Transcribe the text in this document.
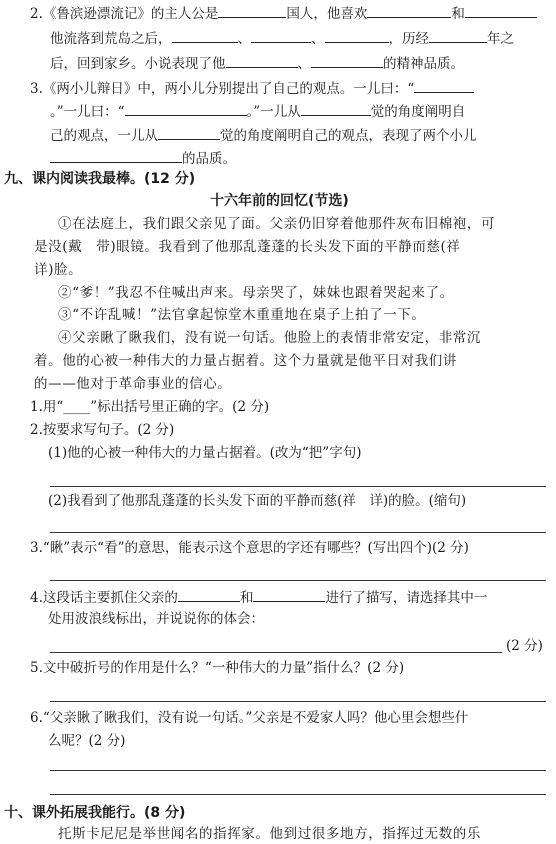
2.《鲁滨逊漂流记》的主人公是	国人，他喜欢	和
他流落到荒岛之后，	、	、	，历经	年之
后，回到家乡。小说表现了他	、	的精神品质。
3.《两小儿辩日》中，两小儿分别提出了自己的观点。一儿曰：“
。”一儿曰：“	。”一儿从	觉的角度阐明自
己的观点，一儿从	觉的角度阐明自己的观点，表现了两个小儿
的品质。
九、课内阅读我最棒。(12 分)
十六年前的回忆(节选)
①在法庭上，我们跟父亲见了面。父亲仍旧穿着他那件灰布旧棉袍，可
是没(戴　带)眼镜。我看到了他那乱蓬蓬的长头发下面的平静而慈(祥
详)脸。
②“爹！”我忍不住喊出声来。母亲哭了，妹妹也跟着哭起来了。
③“不许乱喊！”法官拿起惊堂木重重地在桌子上拍了一下。
④父亲瞅了瞅我们，没有说一句话。他脸上的表情非常安定，非常沉
着。他的心被一种伟大的力量占据着。这个力量就是他平日对我们讲
的——他对于革命事业的信心。
1.用“____”标出括号里正确的字。(2 分)
2.按要求写句子。(2 分)
(1)他的心被一种伟大的力量占据着。(改为“把”字句)
(2)我看到了他那乱蓬蓬的长头发下面的平静而慈(祥　详)的脸。(缩句)
3.“瞅”表示“看”的意思，能表示这个意思的字还有哪些？(写出四个)(2 分)
4.这段话主要抓住父亲的	和	进行了描写，请选择其中一
处用波浪线标出，并说说你的体会：
(2 分)
5.文中破折号的作用是什么？“一种伟大的力量”指什么？(2 分)
6.“父亲瞅了瞅我们，没有说一句话。”父亲是不爱家人吗？他心里会想些什
么呢？(2 分)
十、课外拓展我能行。(8 分)
托斯卡尼尼是举世闻名的指挥家。他到过很多地方，指挥过无数的乐
